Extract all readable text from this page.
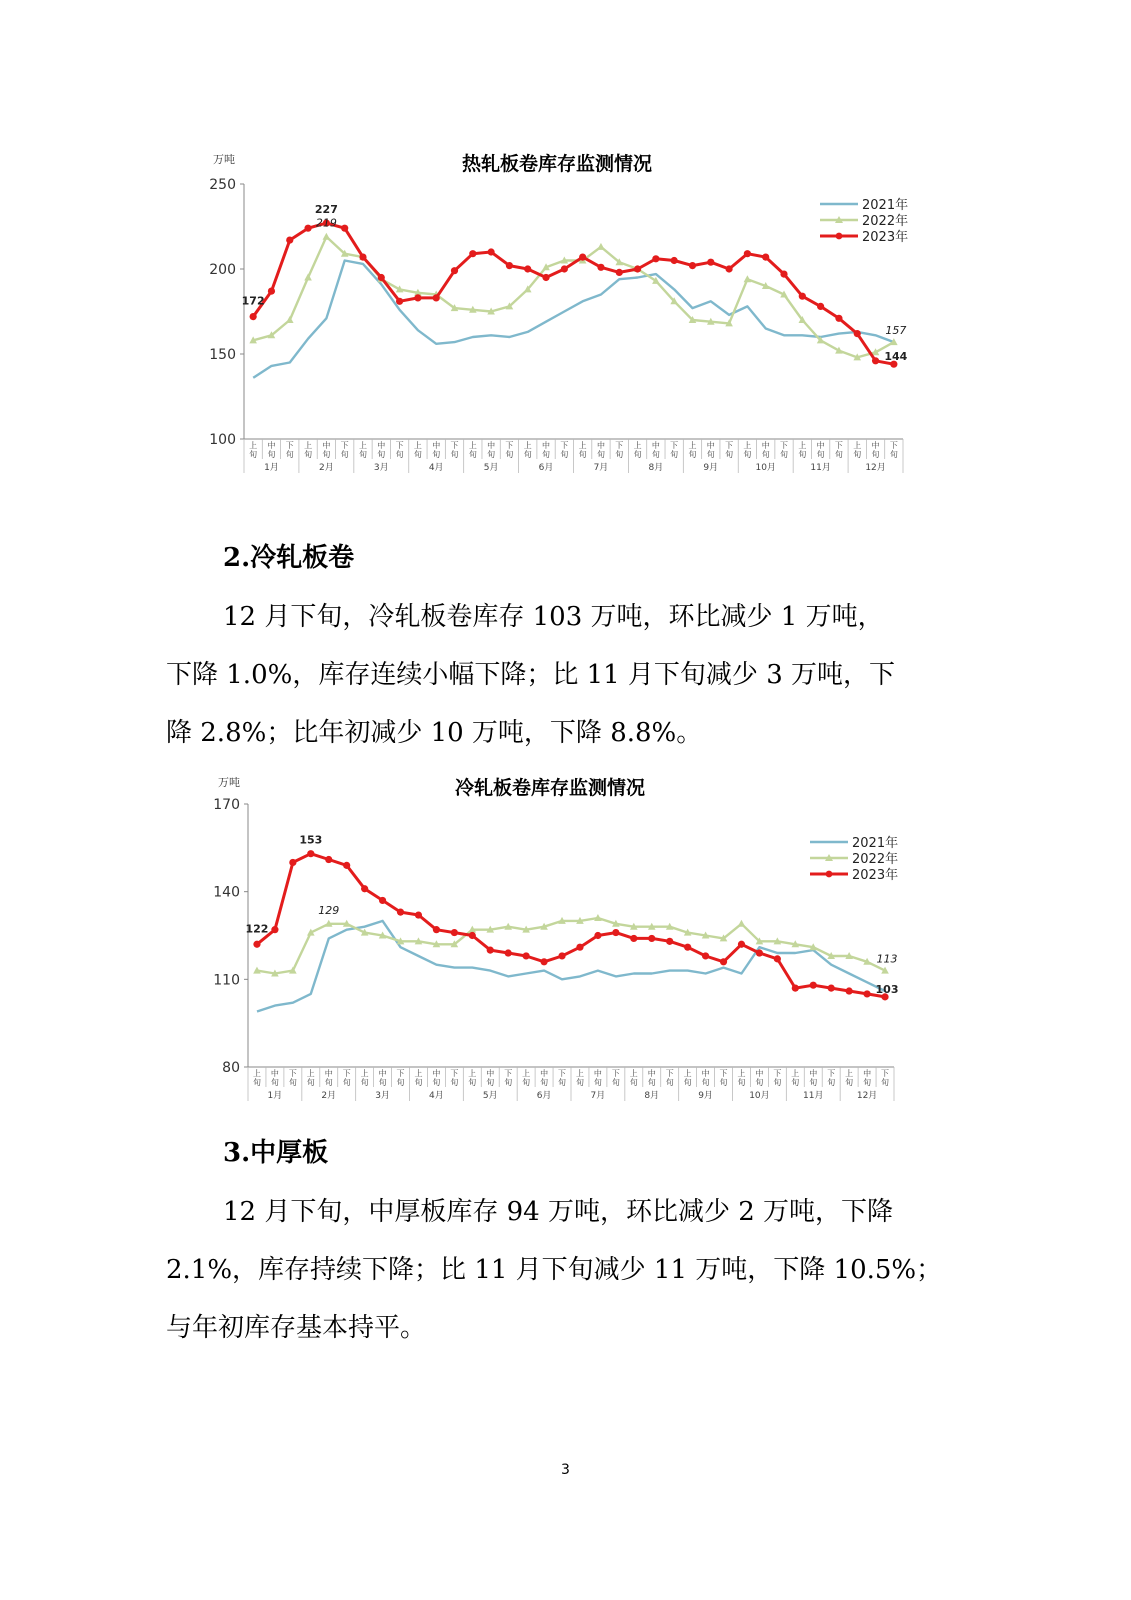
热轧板卷库存监测情况
万吨
100
150
200
250
上
旬
中
旬
下
旬
上
旬
中
旬
下
旬
上
旬
中
旬
下
旬
上
旬
中
旬
下
旬
上
旬
中
旬
下
旬
上
旬
中
旬
下
旬
上
旬
中
旬
下
旬
上
旬
中
旬
下
旬
上
旬
中
旬
下
旬
上
旬
中
旬
下
旬
上
旬
中
旬
下
旬
上
旬
中
旬
下
旬
1月	2月	3月	4月	5月	6月	7月	8月	9月	10月	11月	12月
2021年
2022年
2023年
172
227
219
157
144
2.冷轧板卷

12 月下旬，冷轧板卷库存 103 万吨，环比减少 1 万吨，

下降 1.0%，库存连续小幅下降；比 11 月下旬减少 3 万吨，下

降 2.8%；比年初减少 10 万吨，下降 8.8%。

冷轧板卷库存监测情况
万吨
80
110
140
170
上
旬
中
旬
下
旬
上
旬
中
旬
下
旬
上
旬
中
旬
下
旬
上
旬
中
旬
下
旬
上
旬
中
旬
下
旬
上
旬
中
旬
下
旬
上
旬
中
旬
下
旬
上
旬
中
旬
下
旬
上
旬
中
旬
下
旬
上
旬
中
旬
下
旬
上
旬
中
旬
下
旬
上
旬
中
旬
下
旬
1月	2月	3月	4月	5月	6月	7月	8月	9月	10月	11月	12月
2021年
2022年
2023年
122
153
129
113
103
3.中厚板

12 月下旬，中厚板库存 94 万吨，环比减少 2 万吨，下降

2.1%，库存持续下降；比 11 月下旬减少 11 万吨，下降 10.5%；

与年初库存基本持平。

3
